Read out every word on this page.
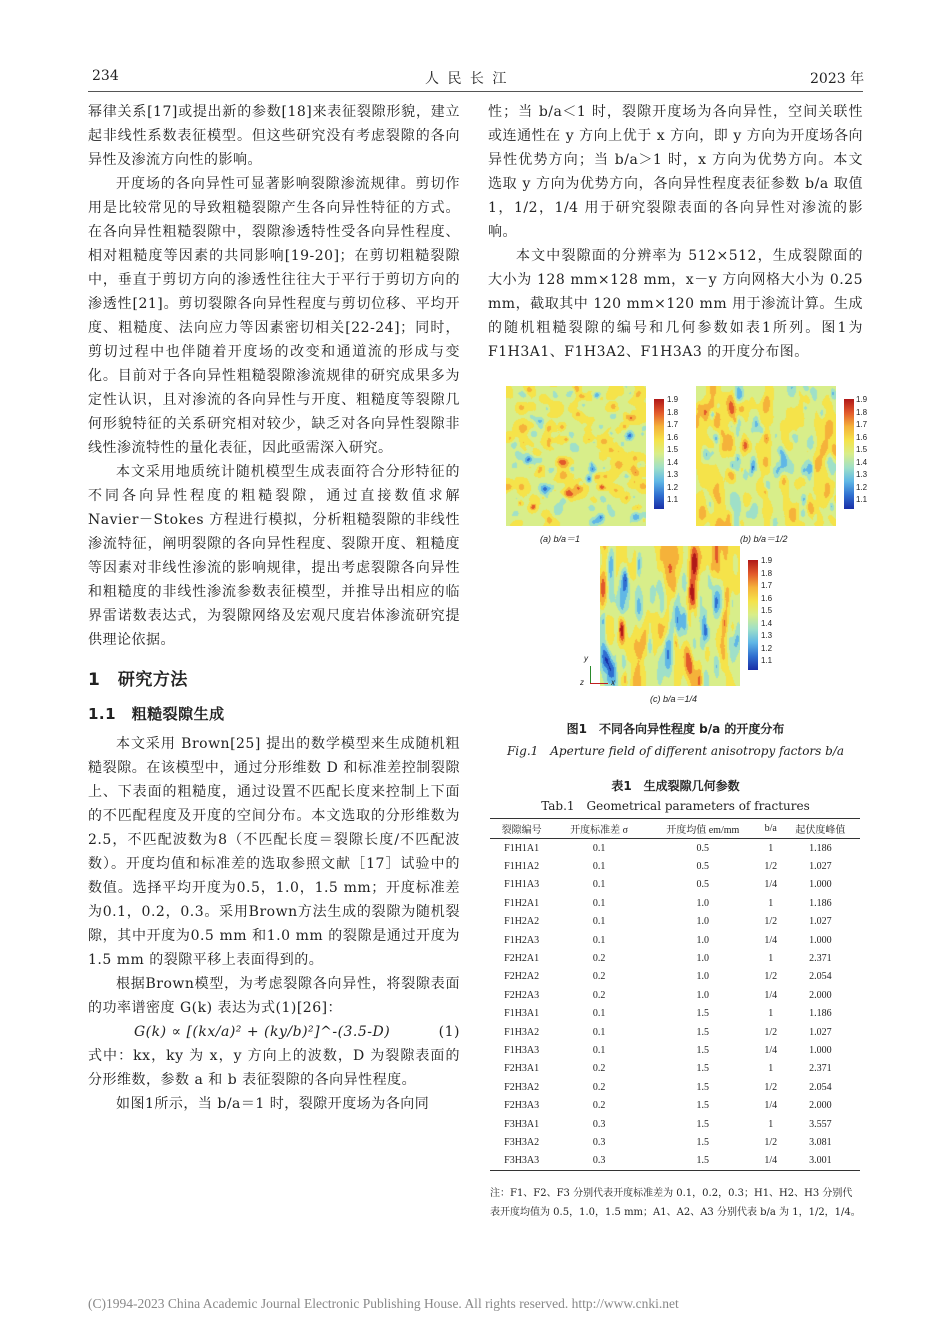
234	人 民 长 江	2023 年

幂律关系[17]或提出新的参数[18]来表征裂隙形貌，建立起非线性系数表征模型。但这些研究没有考虑裂隙的各向异性及渗流方向性的影响。

开度场的各向异性可显著影响裂隙渗流规律。剪切作用是比较常见的导致粗糙裂隙产生各向异性特征的方式。在各向异性粗糙裂隙中，裂隙渗透特性受各向异性程度、相对粗糙度等因素的共同影响[19-20]；在剪切粗糙裂隙中，垂直于剪切方向的渗透性往往大于平行于剪切方向的渗透性[21]。剪切裂隙各向异性程度与剪切位移、平均开度、粗糙度、法向应力等因素密切相关[22-24]；同时，剪切过程中也伴随着开度场的改变和通道流的形成与变化。目前对于各向异性粗糙裂隙渗流规律的研究成果多为定性认识，且对渗流的各向异性与开度、粗糙度等裂隙几何形貌特征的关系研究相对较少，缺乏对各向异性裂隙非线性渗流特性的量化表征，因此亟需深入研究。

本文采用地质统计随机模型生成表面符合分形特征的不同各向异性程度的粗糙裂隙，通过直接数值求解 Navier－Stokes 方程进行模拟，分析粗糙裂隙的非线性渗流特征，阐明裂隙的各向异性程度、裂隙开度、粗糙度等因素对非线性渗流的影响规律，提出考虑裂隙各向异性和粗糙度的非线性渗流参数表征模型，并推导出相应的临界雷诺数表达式，为裂隙网络及宏观尺度岩体渗流研究提供理论依据。

1　研究方法
1.1　粗糙裂隙生成

本文采用 Brown[25] 提出的数学模型来生成随机粗糙裂隙。在该模型中，通过分形维数 D 和标准差控制裂隙上、下表面的粗糙度，通过设置不匹配长度来控制上下面的不匹配程度及开度的空间分布。本文选取的分形维数为2.5，不匹配波数为8（不匹配长度＝裂隙长度/不匹配波数）。开度均值和标准差的选取参照文献［17］试验中的数值。选择平均开度为0.5，1.0，1.5 mm；开度标准差为0.1，0.2，0.3。采用Brown方法生成的裂隙为随机裂隙，其中开度为0.5 mm 和1.0 mm 的裂隙是通过开度为1.5 mm 的裂隙平移上表面得到的。

根据Brown模型，为考虑裂隙各向异性，将裂隙表面的功率谱密度 G(k) 表达为式(1)[26]：

G(k) ∝ [(kx/a)² + (ky/b)²]^-(3.5-D)	(1)

式中：kx，ky 为 x，y 方向上的波数，D 为裂隙表面的分形维数，参数 a 和 b 表征裂隙的各向异性程度。

如图1所示，当 b/a＝1 时，裂隙开度场为各向同

性；当 b/a＜1 时，裂隙开度场为各向异性，空间关联性或连通性在 y 方向上优于 x 方向，即 y 方向为开度场各向异性优势方向；当 b/a＞1 时，x 方向为优势方向。本文选取 y 方向为优势方向，各向异性程度表征参数 b/a 取值 1，1/2，1/4 用于研究裂隙表面的各向异性对渗流的影响。

本文中裂隙面的分辨率为 512×512，生成裂隙面的大小为 128 mm×128 mm，x－y 方向网格大小为 0.25 mm，截取其中 120 mm×120 mm 用于渗流计算。生成的随机粗糙裂隙的编号和几何参数如表1所列。图1为 F1H3A1、F1H3A2、F1H3A3 的开度分布图。

1.9
1.8
1.7
1.6
1.5
1.4
1.3
1.2
1.1
(a) b/a＝1
1.9
1.8
1.7
1.6
1.5
1.4
1.3
1.2
1.1
(b) b/a＝1/2
1.9
1.8
1.7
1.6
1.5
1.4
1.3
1.2
1.1
(c) b/a＝1/4
y
z	x
图1　不同各向异性程度 b/a 的开度分布
Fig.1　Aperture field of different anisotropy factors b/a
表1　生成裂隙几何参数
Tab.1　Geometrical parameters of fractures
裂隙编号	开度标准差 σ	开度均值 em/mm	b/a	起伏度峰值
F1H1A1	0.1	0.5	1	1.186
F1H1A2	0.1	0.5	1/2	1.027
F1H1A3	0.1	0.5	1/4	1.000
F1H2A1	0.1	1.0	1	1.186
F1H2A2	0.1	1.0	1/2	1.027
F1H2A3	0.1	1.0	1/4	1.000
F2H2A1	0.2	1.0	1	2.371
F2H2A2	0.2	1.0	1/2	2.054
F2H2A3	0.2	1.0	1/4	2.000
F1H3A1	0.1	1.5	1	1.186
F1H3A2	0.1	1.5	1/2	1.027
F1H3A3	0.1	1.5	1/4	1.000
F2H3A1	0.2	1.5	1	2.371
F2H3A2	0.2	1.5	1/2	2.054
F2H3A3	0.2	1.5	1/4	2.000
F3H3A1	0.3	1.5	1	3.557
F3H3A2	0.3	1.5	1/2	3.081
F3H3A3	0.3	1.5	1/4	3.001
注：F1、F2、F3 分别代表开度标准差为 0.1，0.2，0.3；H1、H2、H3 分别代表开度均值为 0.5，1.0，1.5 mm；A1、A2、A3 分别代表 b/a 为 1，1/2，1/4。
(C)1994-2023 China Academic Journal Electronic Publishing House. All rights reserved. http://www.cnki.net
